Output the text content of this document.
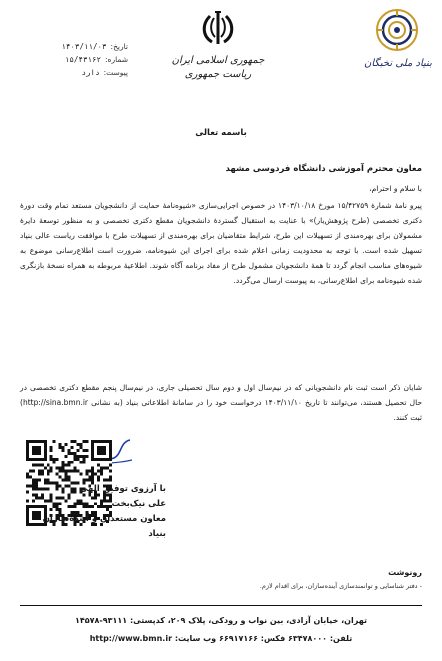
تاریخ:
۱۴۰۳/۱۱/۰۳
شماره:
۱۵/۴۳۱۶۲
پیوست:
دارد
جمهوری اسلامی ایران
ریاست جمهوری
بنیاد ملی نخبگان
باسمه تعالی
معاون محترم آموزشی دانشگاه فردوسی مشهد
با سلام و احترام،
پیرو نامهٔ شمارهٔ ۱۵/۴۲۷۵۹ مورخ ۱۴۰۳/۱۰/۱۸ در خصوص اجرایی‌سازی «شیوه‌نامهٔ حمایت از دانشجویان مستعد تمام وقت دورهٔ دکتری تخصصی (طرح پژوهش‌یار)» با عنایت به استقبال گستردهٔ دانشجویان مقطع دکتری تخصصی و به منظور توسعهٔ دایرهٔ مشمولان برای بهره‌مندی از تسهیلات این طرح، شرایط متقاضیان برای بهره‌مندی از تسهیلات طرح با موافقت ریاست عالی بنیاد تسهیل شده است. با توجه به محدودیت زمانی اعلام شده برای اجرای این شیوه‌نامه، ضرورت است اطلاع‌رسانی موضوع به شیوه‌های مناسب انجام گردد تا همهٔ دانشجویان مشمول طرح از مفاد برنامه آگاه شوند. اطلاعیهٔ مربوطه به همراه نسخهٔ بازنگری شده شیوه‌نامه برای اطلاع‌رسانی، به پیوست ارسال می‌گردد.
شایان ذکر است ثبت نام دانشجویانی که در نیم‌سال اول و دوم سال تحصیلی جاری، در نیم‌سال پنجم مقطع دکتری تخصصی در حال تحصیل هستند، می‌توانند تا تاریخ ۱۴۰۳/۱۱/۱۰ درخواست خود را در سامانهٔ اطلاعاتی بنیاد (به نشانی http://sina.bmn.ir) ثبت کنند.
با آرزوی توفیق الهی
علی نیک‌بخت
معاون مستعدان و آینده‌سازان بنیاد
رونوشت
- دفتر شناسایی و توانمندسازی آینده‌سازان، برای اقدام لازم.
تهران، خیابان آزادی، بین نواب و رودکی، پلاک ۲۰۹، کدپستی: ۹۳۱۱۱-۱۴۵۷۸
تلفن: ۶۳۴۷۸۰۰۰ فکس: ۶۶۹۱۷۱۶۶ وب سایت: http://www.bmn.ir
